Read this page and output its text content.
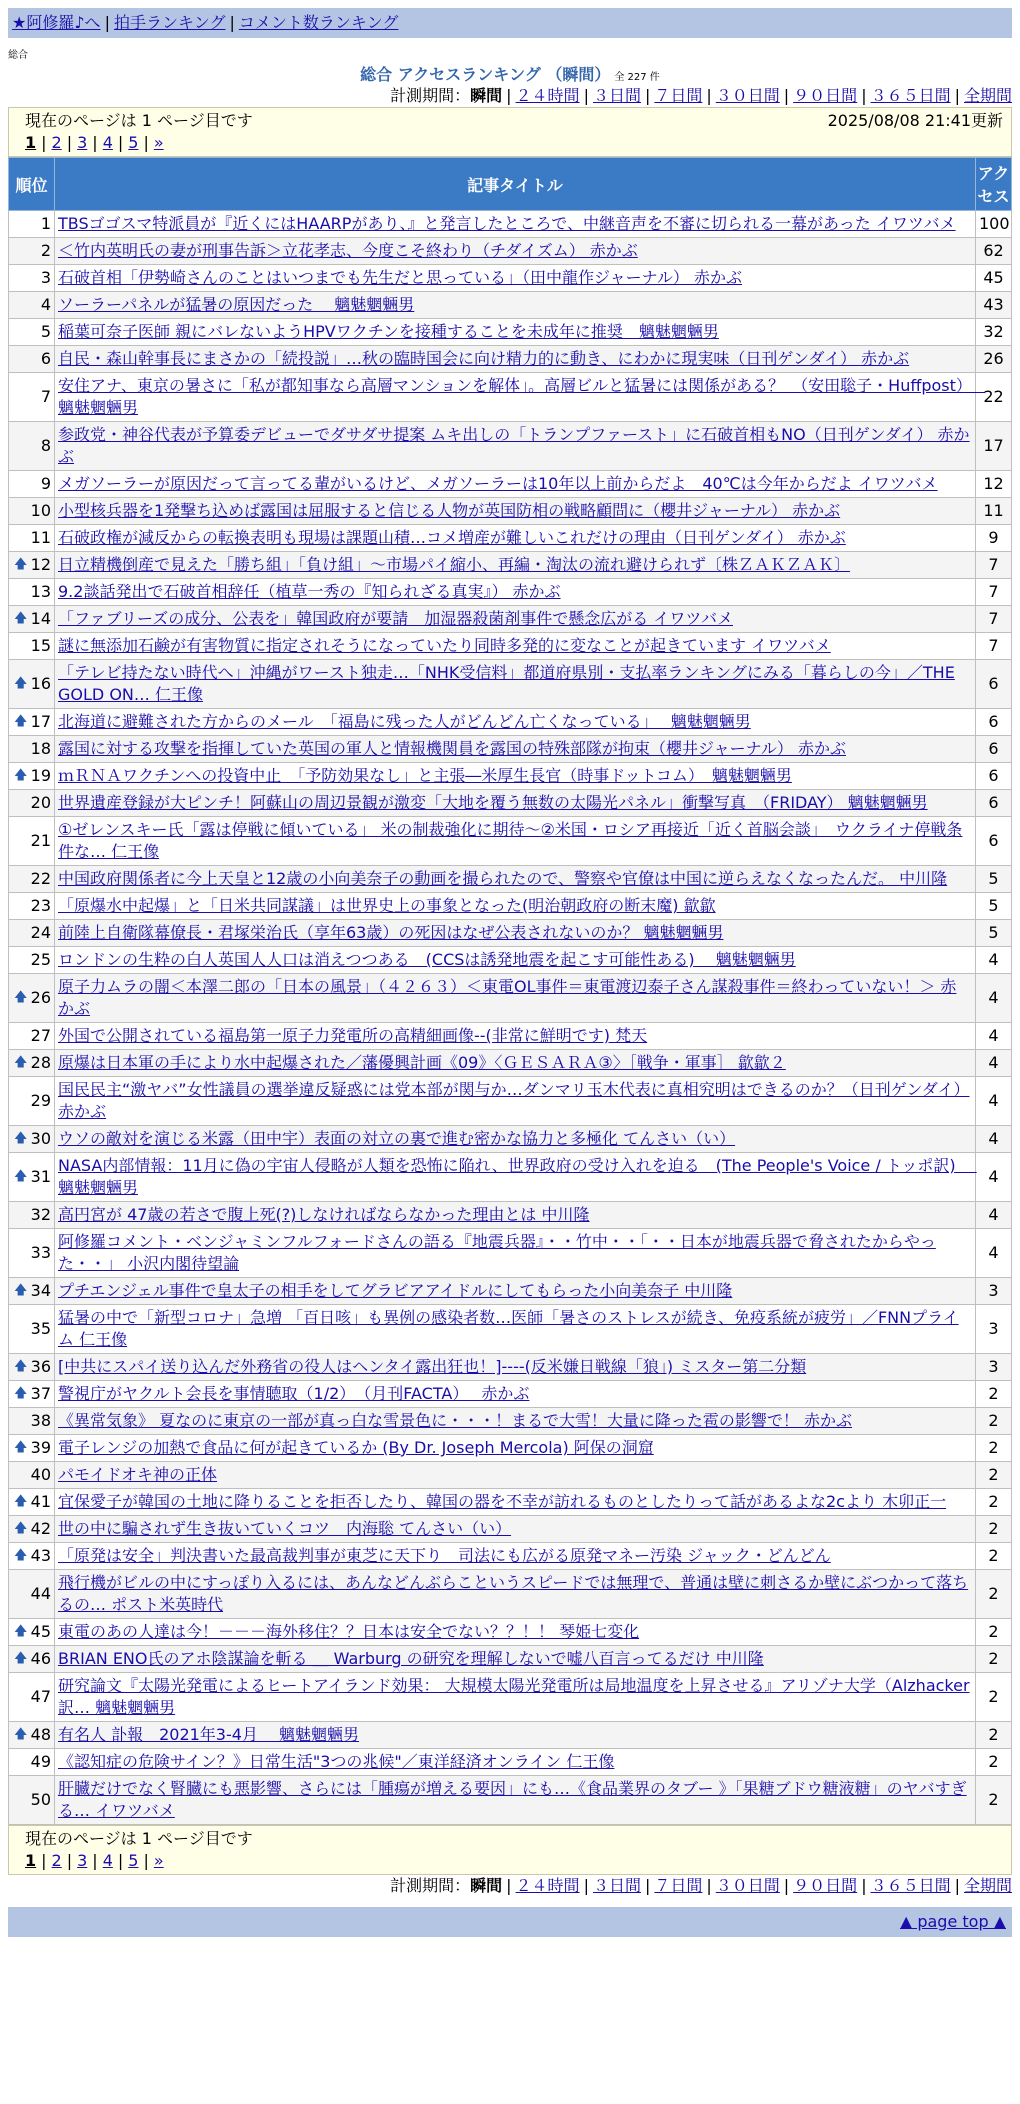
★阿修羅♪へ | 拍手ランキング | コメント数ランキング
総合
総合 アクセスランキング （瞬間） 全 227 件
計測期間：瞬間 | ２４時間 | ３日間 | ７日間 | ３０日間 | ９０日間 | ３６５日間 | 全期間
現在のページは 1 ページ目です	2025/08/08 21:41更新
1 | 2 | 3 | 4 | 5 | »
順位	記事タイトル	アクセス
1	TBSゴゴスマ特派員が『近くにはHAARPがあり、』と発言したところで、中継音声を不審に切られる一幕があった イワツバメ	100
2	＜竹内英明氏の妻が刑事告訴＞立花孝志、今度こそ終わり（チダイズム） 赤かぶ	62
3	石破首相「伊勢崎さんのことはいつまでも先生だと思っている」（田中龍作ジャーナル） 赤かぶ	45
4	ソーラーパネルが猛暑の原因だった　 魑魅魍魎男	43
5	稲葉可奈子医師 親にバレないようHPVワクチンを接種することを未成年に推奨　魑魅魍魎男	32
6	自民・森山幹事長にまさかの「続投説」…秋の臨時国会に向け精力的に動き、にわかに現実味（日刊ゲンダイ） 赤かぶ	26
7	安住アナ、東京の暑さに「私が都知事なら高層マンションを解体」。高層ビルと猛暑には関係がある？　（安田聡子・Huffpost）　 魑魅魍魎男	22
8	参政党・神谷代表が予算委デビューでダサダサ提案 ムキ出しの「トランプファースト」に石破首相もNO（日刊ゲンダイ） 赤かぶ	17
9	メガソーラーが原因だって言ってる輩がいるけど、メガソーラーは10年以上前からだよ　40℃は今年からだよ イワツバメ	12
10	小型核兵器を1発撃ち込めば露国は屈服すると信じる人物が英国防相の戦略顧問に（櫻井ジャーナル） 赤かぶ	11
11	石破政権が減反からの転換表明も現場は課題山積…コメ増産が難しいこれだけの理由（日刊ゲンダイ） 赤かぶ	9

🡅 12	日立精機倒産で見えた「勝ち組」「負け組」～市場パイ縮小、再編・淘汰の流れ避けられず〔株ＺＡＫＺＡＫ〕	7
13	9.2談話発出で石破首相辞任（植草一秀の『知られざる真実』） 赤かぶ	7

🡅 14	「ファブリーズの成分、公表を」韓国政府が要請　加湿器殺菌剤事件で懸念広がる イワツバメ	7
15	謎に無添加石鹸が有害物質に指定されそうになっていたり同時多発的に変なことが起きています イワツバメ	7

🡅 16	「テレビ持たない時代へ」沖縄がワースト独走…「NHK受信料」都道府県別・支払率ランキングにみる「暮らしの今」／THE GOLD ON… 仁王像	6

🡅 17	北海道に避難された方からのメール　「福島に残った人がどんどん亡くなっている」　 魑魅魍魎男	6
18	露国に対する攻撃を指揮していた英国の軍人と情報機関員を露国の特殊部隊が拘束（櫻井ジャーナル） 赤かぶ	6

🡅 19	ｍＲＮＡワクチンへの投資中止　「予防効果なし」と主張―米厚生長官（時事ドットコム）　魑魅魍魎男	6
20	世界遺産登録が大ピンチ！阿蘇山の周辺景観が激変「大地を覆う無数の太陽光パネル」衝撃写真　（FRIDAY） 魑魅魍魎男	6
21	①ゼレンスキー氏「露は停戦に傾いている」 米の制裁強化に期待〜②米国・ロシア再接近「近く首脳会談」　ウクライナ停戦条件な… 仁王像	6
22	中国政府関係者に今上天皇と12歳の小向美奈子の動画を撮られたので、警察や官僚は中国に逆らえなくなったんだ。 中川隆	5
23	「原爆水中起爆」と「日米共同謀議」は世界史上の事象となった(明治朝政府の断末魔) 歙歙	5
24	前陸上自衛隊幕僚長・君塚栄治氏（享年63歳）の死因はなぜ公表されないのか？ 魑魅魍魎男	5
25	ロンドンの生粋の白人英国人人口は消えつつある　(CCSは誘発地震を起こす可能性ある)　 魑魅魍魎男	4

🡅 26	原子力ムラの闇＜本澤二郎の「日本の風景」（４２６３）＜東電OL事件＝東電渡辺泰子さん謀殺事件＝終わっていない！＞ 赤かぶ	4
27	外国で公開されている福島第一原子力発電所の高精細画像--(非常に鮮明です) 梵天	4

🡅 28	原爆は日本軍の手により水中起爆された／藩優興計画《09》〈ＧＥＳＡＲＡ③〉［戦争・軍事］ 歙歙２	4
29	国民民主“激ヤバ”女性議員の選挙違反疑惑には党本部が関与か…ダンマリ玉木代表に真相究明はできるのか？（日刊ゲンダイ） 赤かぶ	4

🡅 30	ウソの敵対を演じる米露（田中宇）表面の対立の裏で進む密かな協力と多極化 てんさい（い）	4

🡅 31	NASA内部情報：11月に偽の宇宙人侵略が人類を恐怖に陥れ、世界政府の受け入れを迫る　(The People's Voice / トッポ訳)　 魑魅魍魎男	4
32	高円宮が 47歳の若さで腹上死(?)しなければならなかった理由とは 中川隆	4
33	阿修羅コメント・ベンジャミンフルフォードさんの語る『地震兵器』・・竹中・・「・・日本が地震兵器で脅されたからやった・・」 小沢内閣待望論	4

🡅 34	プチエンジェル事件で皇太子の相手をしてグラビアアイドルにしてもらった小向美奈子 中川隆	3
35	猛暑の中で「新型コロナ」急増 「百日咳」も異例の感染者数…医師「暑さのストレスが続き、免疫系統が疲労」／FNNプライム 仁王像	3

🡅 36	[中共にスパイ送り込んだ外務省の役人はヘンタイ露出狂也！]----(反米嫌日戦線「狼」) ミスター第二分類	3

🡅 37	警視庁がヤクルト会長を事情聴取（1/2）　（月刊FACTA）　 赤かぶ	2
38	《異常気象》 夏なのに東京の一部が真っ白な雪景色に・・・！まるで大雪！大量に降った雹の影響で！ 赤かぶ	2

🡅 39	電子レンジの加熱で食品に何が起きているか (By Dr. Joseph Mercola) 阿保の洞窟	2
40	パモイドオキ神の正体	2

🡅 41	宜保愛子が韓国の土地に降りることを拒否したり、韓国の器を不幸が訪れるものとしたりって話があるよな2cより 木卯正一	2

🡅 42	世の中に騙されず生き抜いていくコツ　内海聡 てんさい（い）	2

🡅 43	「原発は安全」判決書いた最高裁判事が東芝に天下り　司法にも広がる原発マネー汚染 ジャック・どんどん	2
44	飛行機がビルの中にすっぽり入るには、あんなどんぶらこというスピードでは無理で、普通は壁に刺さるか壁にぶつかって落ちるの… ポスト米英時代	2

🡅 45	東電のあの人達は今！－－－海外移住？？日本は安全でない？？！！ 琴姫七変化	2

🡅 46	BRIAN ENO氏のアホ陰謀論を斬る ＿ Warburg の研究を理解しないで嘘八百言ってるだけ 中川隆	2
47	研究論文『太陽光発電によるヒートアイランド効果： 大規模太陽光発電所は局地温度を上昇させる』アリゾナ大学（Alzhacker訳… 魑魅魍魎男	2

🡅 48	有名人 訃報　2021年3-4月　 魑魅魍魎男	2
49	《認知症の危険サイン？》日常生活"3つの兆候"／東洋経済オンライン 仁王像	2
50	肝臓だけでなく腎臓にも悪影響、さらには「腫瘍が増える要因」にも…《食品業界のタブー 》「果糖ブドウ糖液糖」のヤバすぎる… イワツバメ	2
現在のページは 1 ページ目です
1 | 2 | 3 | 4 | 5 | »
計測期間：瞬間 | ２４時間 | ３日間 | ７日間 | ３０日間 | ９０日間 | ３６５日間 | 全期間
▲ page top ▲
